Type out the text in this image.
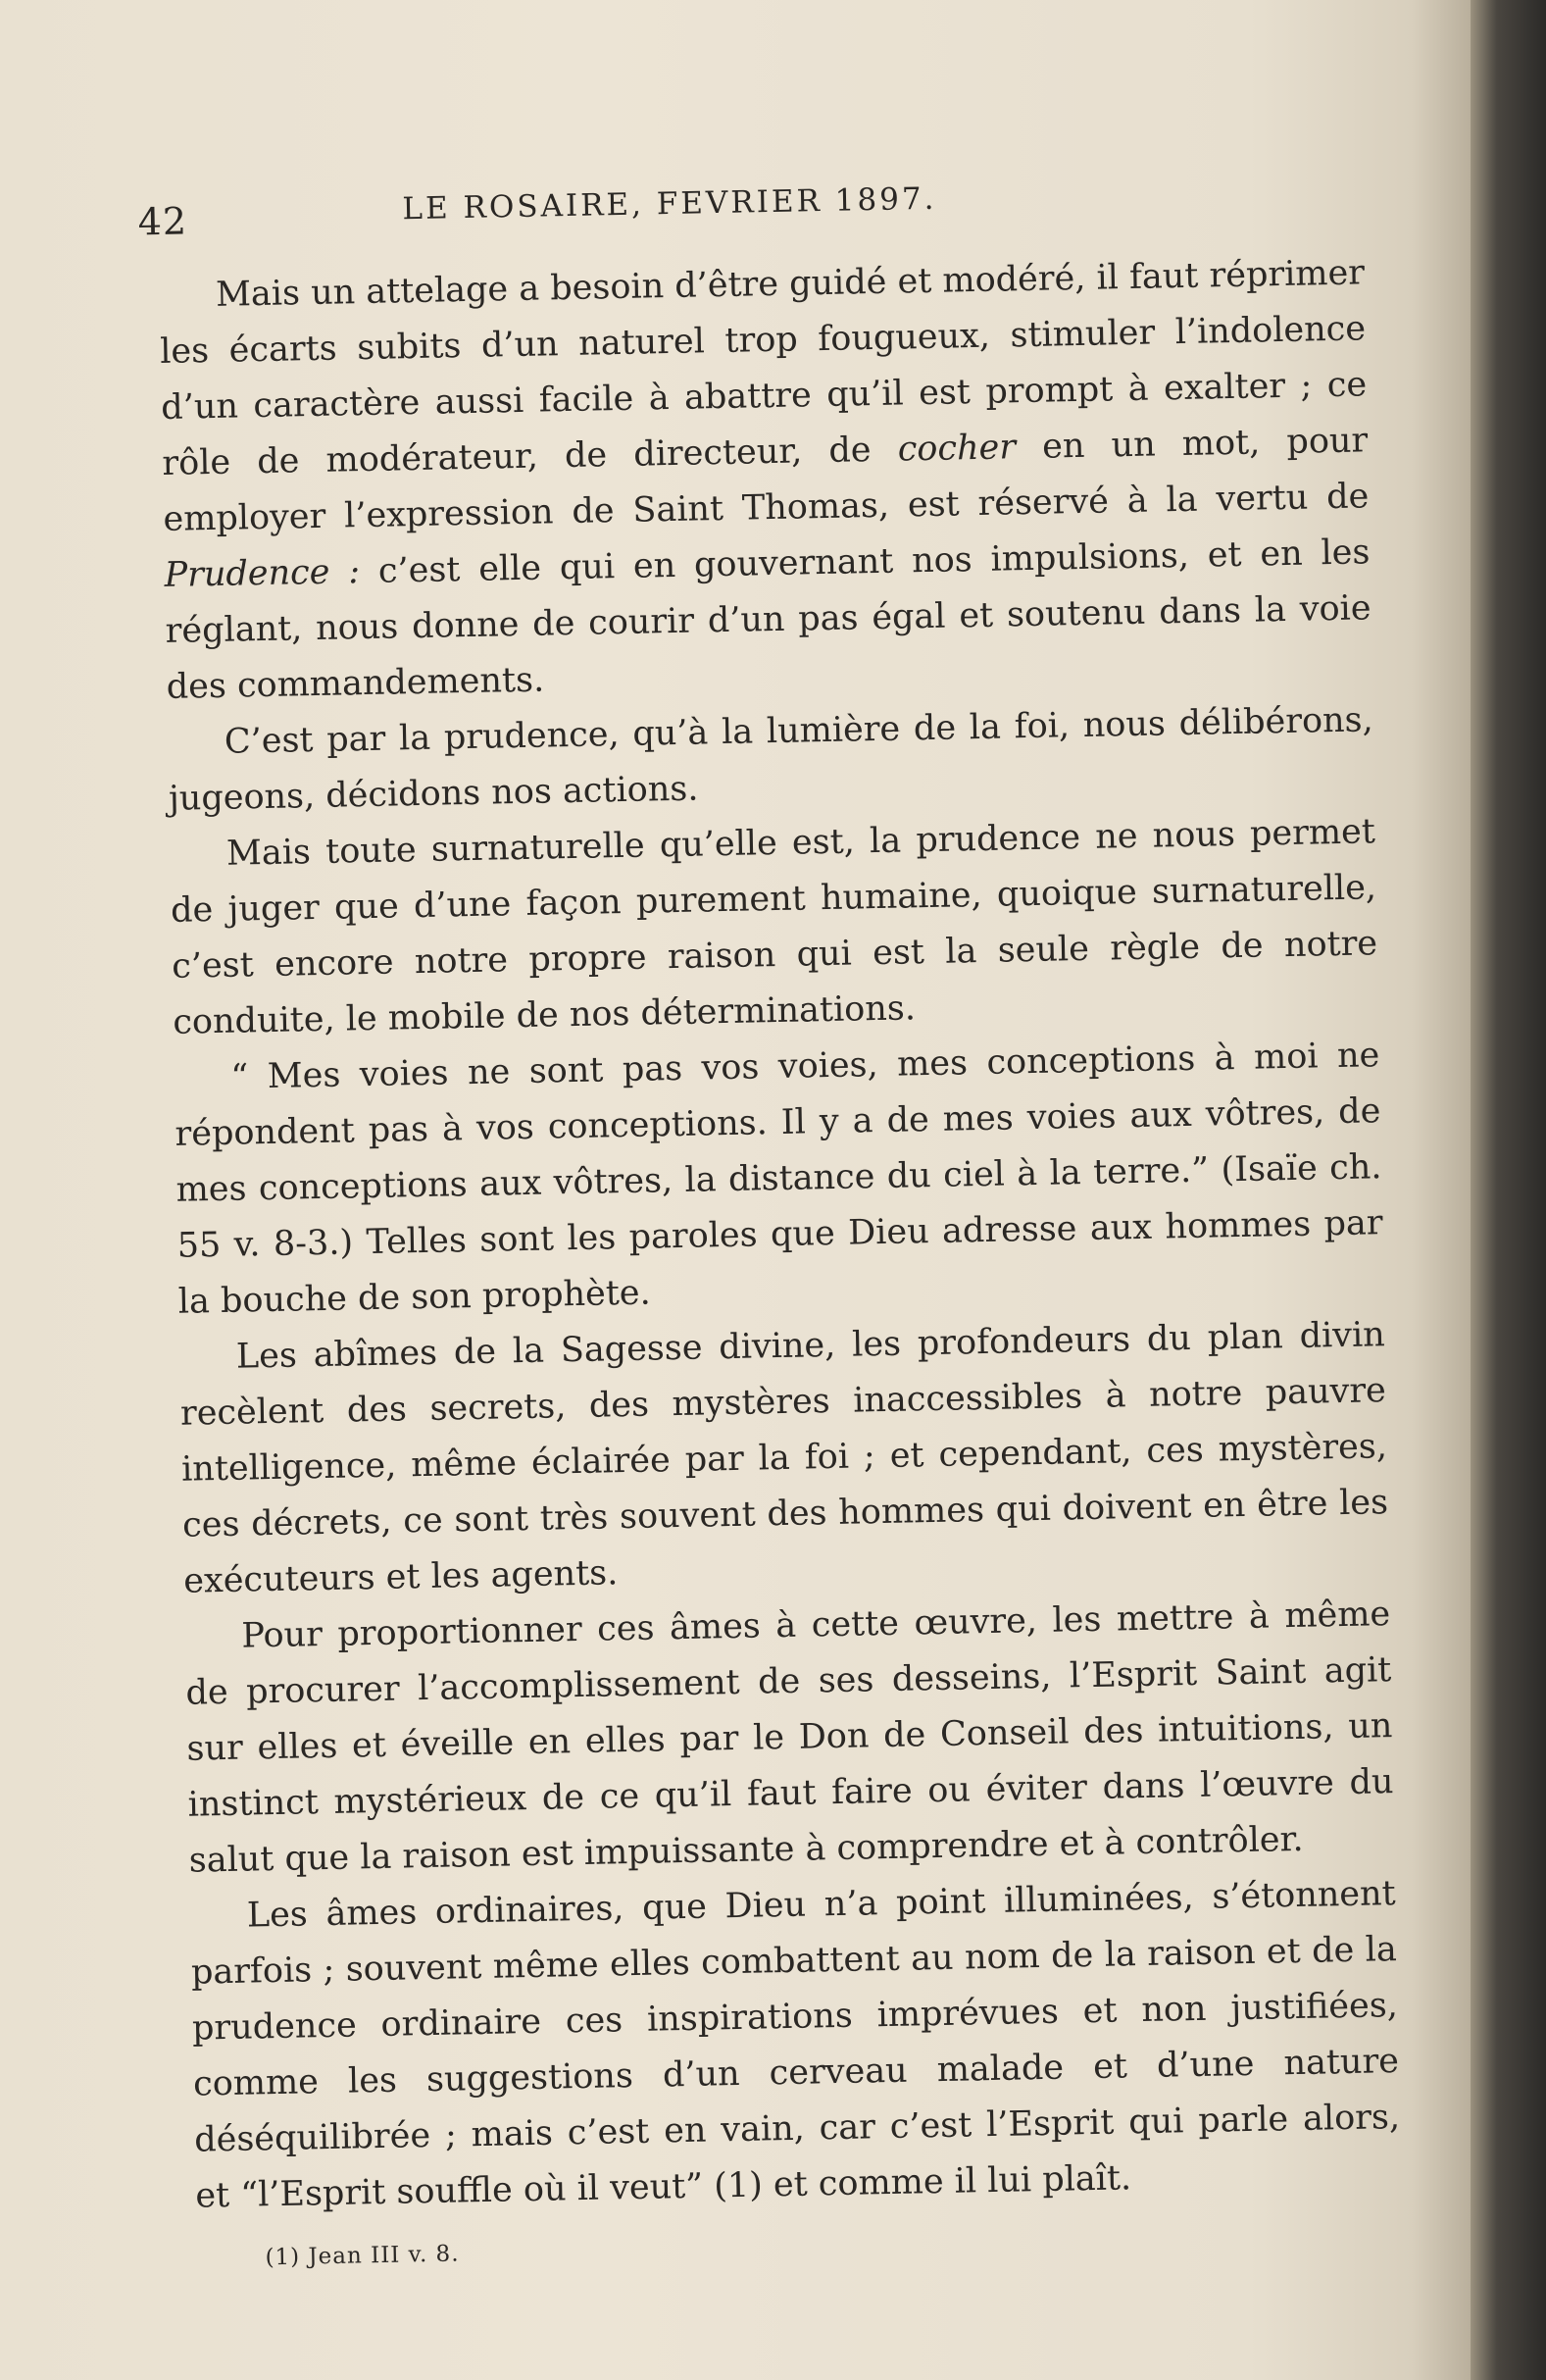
42	LE ROSAIRE, FEVRIER 1897.

Mais un attelage a besoin d’être guidé et modéré, il faut réprimer les écarts subits d’un naturel trop fougueux, stimuler l’indolence d’un caractère aussi facile à abattre qu’il est prompt à exalter ; ce rôle de modérateur, de directeur, de cocher en un mot, pour employer l’expression de Saint Thomas, est réservé à la vertu de Prudence : c’est elle qui en gouvernant nos impulsions, et en les réglant, nous donne de courir d’un pas égal et soutenu dans la voie des commandements.

C’est par la prudence, qu’à la lumière de la foi, nous délibérons, jugeons, décidons nos actions.

Mais toute surnaturelle qu’elle est, la prudence ne nous permet de juger que d’une façon purement humaine, quoique surnaturelle, c’est encore notre propre raison qui est la seule règle de notre conduite, le mobile de nos déterminations.

“ Mes voies ne sont pas vos voies, mes conceptions à moi ne répondent pas à vos conceptions. Il y a de mes voies aux vôtres, de mes conceptions aux vôtres, la distance du ciel à la terre.” (Isaïe ch. 55 v. 8-3.) Telles sont les paroles que Dieu adresse aux hommes par la bouche de son prophète.

Les abîmes de la Sagesse divine, les profondeurs du plan divin recèlent des secrets, des mystères inaccessibles à notre pauvre intelligence, même éclairée par la foi ; et cependant, ces mystères, ces décrets, ce sont très souvent des hommes qui doivent en être les exécuteurs et les agents.

Pour proportionner ces âmes à cette œuvre, les mettre à même de procurer l’accomplissement de ses desseins, l’Esprit Saint agit sur elles et éveille en elles par le Don de Conseil des intuitions, un instinct mystérieux de ce qu’il faut faire ou éviter dans l’œuvre du salut que la raison est impuissante à comprendre et à contrôler.

Les âmes ordinaires, que Dieu n’a point illuminées, s’étonnent parfois ; souvent même elles combattent au nom de la raison et de la prudence ordinaire ces inspirations imprévues et non justifiées, comme les suggestions d’un cerveau malade et d’une nature déséquilibrée ; mais c’est en vain, car c’est l’Esprit qui parle alors, et “l’Esprit souffle où il veut” (1) et comme il lui plaît.

(1) Jean III v. 8.
